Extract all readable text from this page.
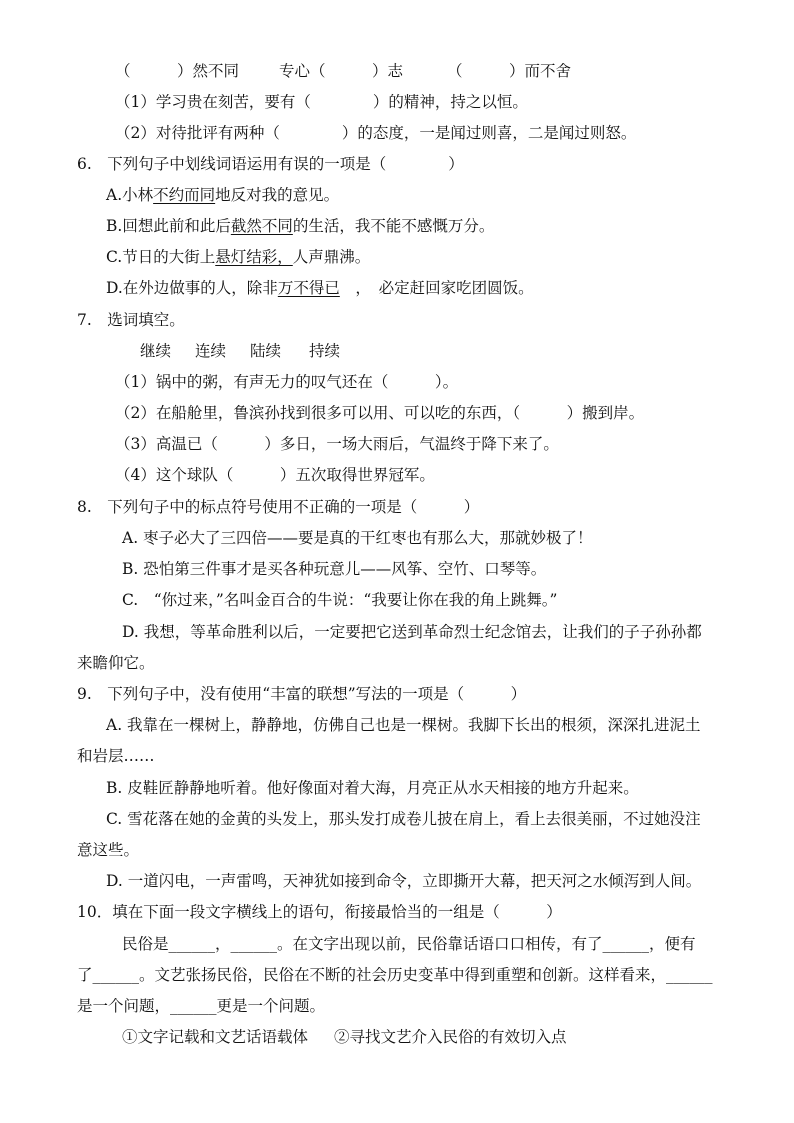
（　　　）然不同	专心（　　　）志	（　　　）而不舍
（1）学习贵在刻苦，要有（　　　　）的精神，持之以恒。
（2）对待批评有两种（　　　　）的态度，一是闻过则喜，二是闻过则怒。
6.　下列句子中划线词语运用有误的一项是（　　　　）
A.小林不约而同地反对我的意见。
B.回想此前和此后截然不同的生活，我不能不感慨万分。
C.节日的大街上悬灯结彩，人声鼎沸。
D.在外边做事的人，除非万不得已　，　必定赶回家吃团圆饭。
7.　选词填空。
继续 连续 陆续 持续
（1）锅中的粥，有声无力的叹气还在（　　　）。
（2）在船舱里，鲁滨孙找到很多可以用、可以吃的东西，（　　　）搬到岸。
（3）高温已（　　　）多日，一场大雨后，气温终于降下来了。
（4）这个球队（　　　）五次取得世界冠军。
8.　下列句子中的标点符号使用不正确的一项是（　　　）
A. 枣子必大了三四倍——要是真的干红枣也有那么大，那就妙极了！
B. 恐怕第三件事才是买各种玩意儿——风筝、空竹、口琴等。
C.　“你过来，”名叫金百合的牛说：“我要让你在我的角上跳舞。”
D. 我想，等革命胜利以后，一定要把它送到革命烈士纪念馆去，让我们的子子孙孙都
来瞻仰它。
9.　下列句子中，没有使用“丰富的联想”写法的一项是（　　　）
A. 我靠在一棵树上，静静地，仿佛自己也是一棵树。我脚下长出的根须，深深扎进泥土
和岩层……
B. 皮鞋匠静静地听着。他好像面对着大海，月亮正从水天相接的地方升起来。
C. 雪花落在她的金黄的头发上，那头发打成卷儿披在肩上，看上去很美丽，不过她没注
意这些。
D. 一道闪电，一声雷鸣，天神犹如接到命令，立即撕开大幕，把天河之水倾泻到人间。
10．填在下面一段文字横线上的语句，衔接最恰当的一组是（　　　）
民俗是______，______。在文字出现以前，民俗靠话语口口相传，有了______，便有
了______。文艺张扬民俗，民俗在不断的社会历史变革中得到重塑和创新。这样看来，______
是一个问题，______更是一个问题。
①文字记载和文艺话语载体 ②寻找文艺介入民俗的有效切入点
